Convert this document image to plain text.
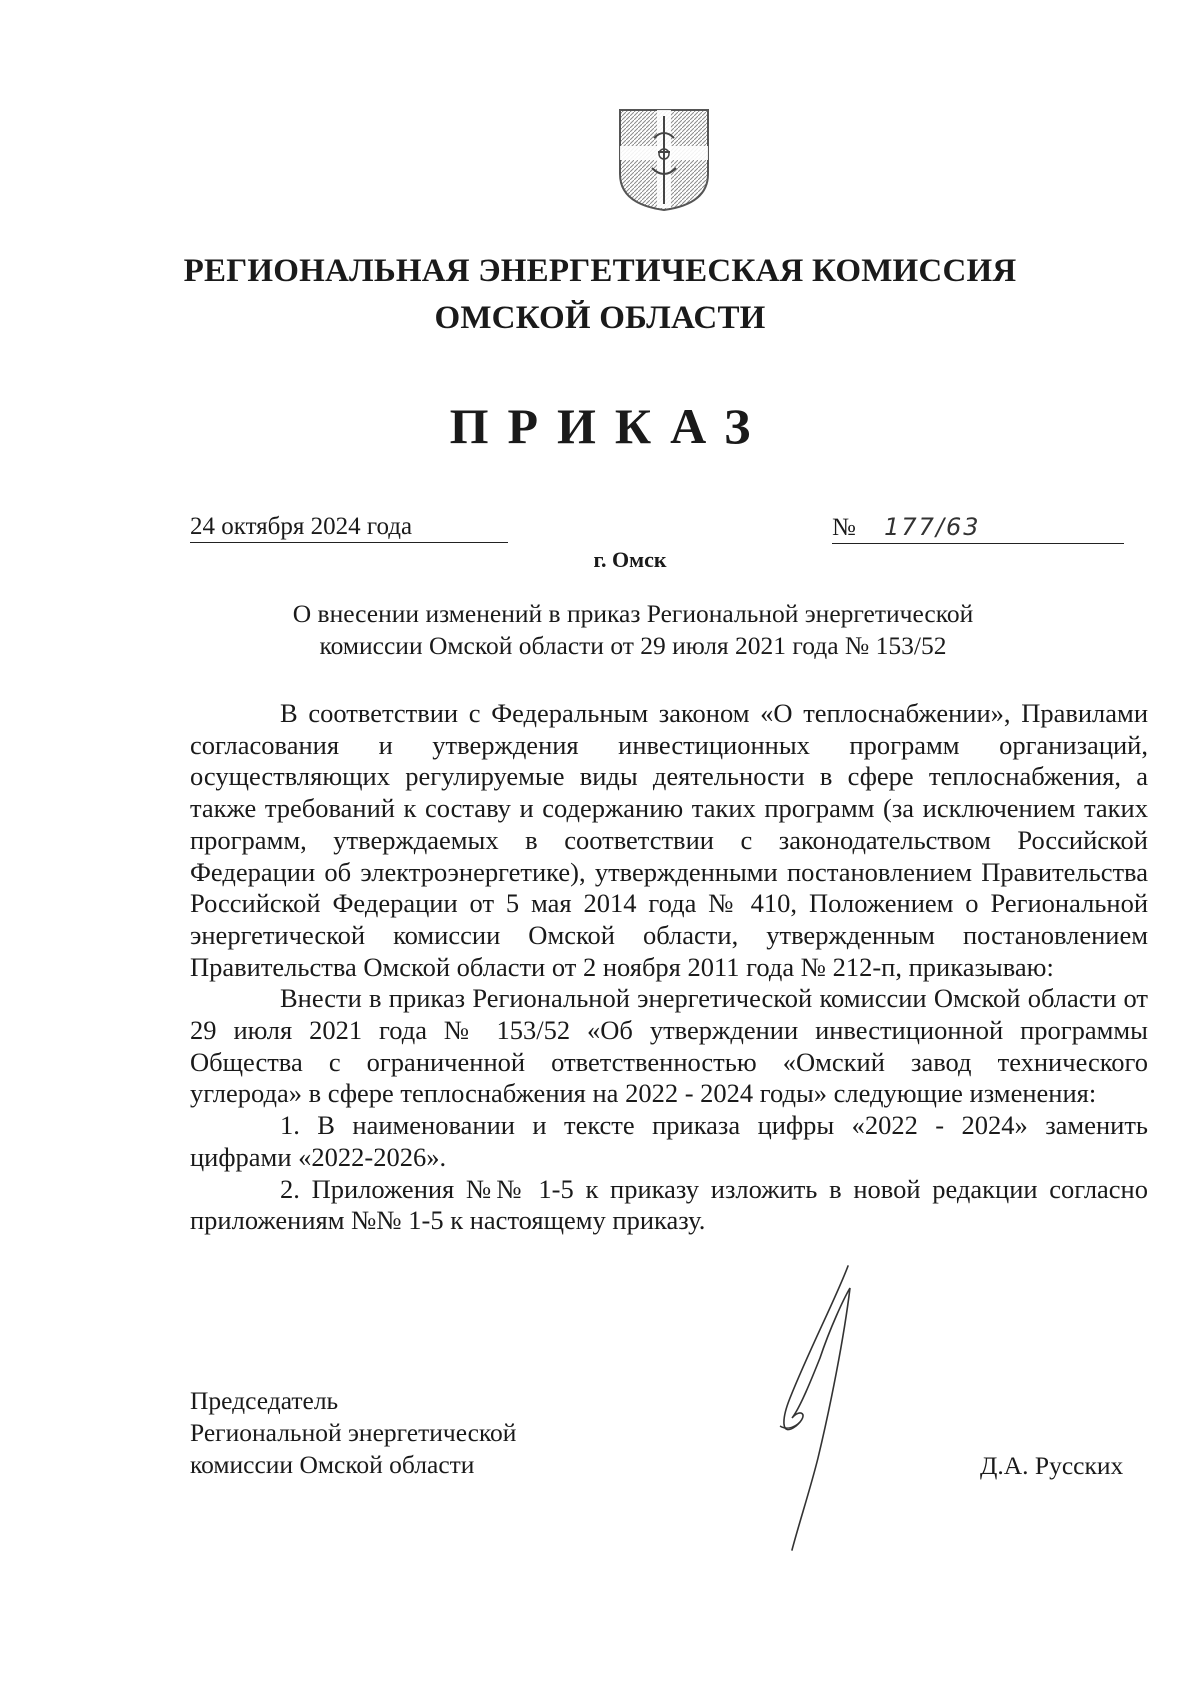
РЕГИОНАЛЬНАЯ ЭНЕРГЕТИЧЕСКАЯ КОМИССИЯ
ОМСКОЙ ОБЛАСТИ
ПРИКАЗ
24 октября 2024 года	№ 177/63
г. Омск
О внесении изменений в приказ Региональной энергетической
комиссии Омской области от 29 июля 2021 года № 153/52

В соответствии с Федеральным законом «О теплоснабжении», Правилами согласования и утверждения инвестиционных программ организаций, осуществляющих регулируемые виды деятельности в сфере теплоснабжения, а также требований к составу и содержанию таких программ (за исключением таких программ, утверждаемых в соответствии с законодательством Российской Федерации об электроэнергетике), утвержденными постановлением Правительства Российской Федерации от 5 мая 2014 года № 410, Положением о Региональной энергетической комиссии Омской области, утвержденным постановлением Правительства Омской области от 2 ноября 2011 года № 212-п, приказываю:

Внести в приказ Региональной энергетической комиссии Омской области от 29 июля 2021 года № 153/52 «Об утверждении инвестиционной программы Общества с ограниченной ответственностью «Омский завод технического углерода» в сфере теплоснабжения на 2022 - 2024 годы» следующие изменения:

1. В наименовании и тексте приказа цифры «2022 - 2024» заменить цифрами «2022-2026».

2. Приложения №№ 1-5 к приказу изложить в новой редакции согласно приложениям №№ 1-5 к настоящему приказу.

Председатель
Региональной энергетической
комиссии Омской области	Д.А. Русских
